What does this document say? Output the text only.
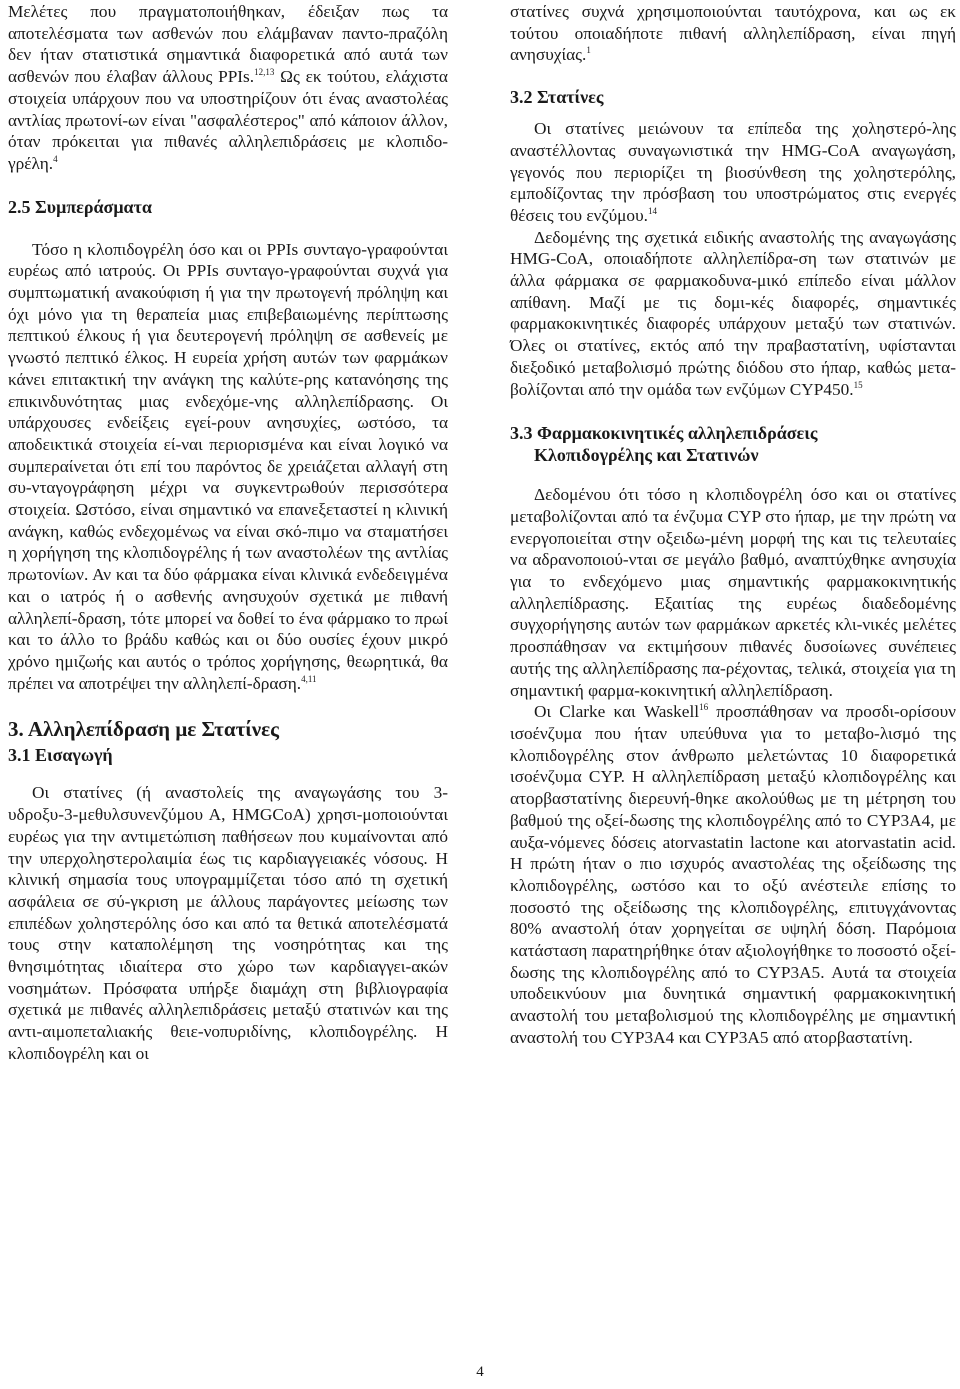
Μελέτες που πραγματοποιήθηκαν, έδειξαν πως τα αποτελέσματα των ασθενών που ελάμβαναν παντο-πραζόλη δεν ήταν στατιστικά σημαντικά διαφορετικά από αυτά των ασθενών που έλαβαν άλλους PPIs.$^{12,13}$ Ως εκ τούτου, ελάχιστα στοιχεία υπάρχουν που να υποστηρίζουν ότι ένας αναστολέας αντλίας πρωτονί-ων είναι "ασφαλέστερος" από κάποιον άλλον, όταν πρόκειται για πιθανές αλληλεπιδράσεις με κλοπιδο-γρέλη.$^4$

2.5 Συμπεράσματα

Τόσο η κλοπιδογρέλη όσο και οι PPIs συνταγο-γραφούνται ευρέως από ιατρούς. Οι PPIs συνταγο-γραφούνται συχνά για συμπτωματική ανακούφιση ή για την πρωτογενή πρόληψη και όχι μόνο για τη θεραπεία μιας επιβεβαιωμένης περίπτωσης πεπτικού έλκους ή για δευτερογενή πρόληψη σε ασθενείς με γνωστό πεπτικό έλκος. Η ευρεία χρήση αυτών των φαρμάκων κάνει επιτακτική την ανάγκη της καλύτε-ρης κατανόησης της επικινδυνότητας μιας ενδεχόμε-νης αλληλεπίδρασης. Οι υπάρχουσες ενδείξεις εγεί-ρουν ανησυχίες, ωστόσο, τα αποδεικτικά στοιχεία εί-ναι περιορισμένα και είναι λογικό να συμπεραίνεται ότι επί του παρόντος δε χρειάζεται αλλαγή στη συ-νταγογράφηση μέχρι να συγκεντρωθούν περισσότερα στοιχεία. Ωστόσο, είναι σημαντικό να επανεξεταστεί η κλινική ανάγκη, καθώς ενδεχομένως να είναι σκό-πιμο να σταματήσει η χορήγηση της κλοπιδογρέλης ή των αναστολέων της αντλίας πρωτονίων. Αν και τα δύο φάρμακα είναι κλινικά ενδεδειγμένα και ο ιατρός ή ο ασθενής ανησυχούν σχετικά με πιθανή αλληλεπί-δραση, τότε μπορεί να δοθεί το ένα φάρμακο το πρωί και το άλλο το βράδυ καθώς και οι δύο ουσίες έχουν μικρό χρόνο ημιζωής και αυτός ο τρόπος χορήγησης, θεωρητικά, θα πρέπει να αποτρέψει την αλληλεπί-δραση.$^{4,11}$

3. Αλληλεπίδραση με Στατίνες
3.1 Εισαγωγή

Οι στατίνες (ή αναστολείς της αναγωγάσης του 3-υδροξυ-3-μεθυλσυνενζύμου Α, HMGCoA) χρησι-μοποιούνται ευρέως για την αντιμετώπιση παθήσεων που κυμαίνονται από την υπερχοληστερολαιμία έως τις καρδιαγγειακές νόσους. Η κλινική σημασία τους υπογραμμίζεται τόσο από τη σχετική ασφάλεια σε σύ-γκριση με άλλους παράγοντες μείωσης των επιπέδων χοληστερόλης όσο και από τα θετικά αποτελέσματά τους στην καταπολέμηση της νοσηρότητας και της θνησιμότητας ιδιαίτερα στο χώρο των καρδιαγγει-ακών νοσημάτων. Πρόσφατα υπήρξε διαμάχη στη βιβλιογραφία σχετικά με πιθανές αλληλεπιδράσεις μεταξύ στατινών και της αντι-αιμοπεταλιακής θειε-νοπυριδίνης, κλοπιδογρέλης. Η κλοπιδογρέλη και οι

στατίνες συχνά χρησιμοποιούνται ταυτόχρονα, και ως εκ τούτου οποιαδήποτε πιθανή αλληλεπίδραση, είναι πηγή ανησυχίας.$^1$

3.2 Στατίνες

Οι στατίνες μειώνουν τα επίπεδα της χοληστερό-λης αναστέλλοντας συναγωνιστικά την HMG-CoA αναγωγάση, γεγονός που περιορίζει τη βιοσύνθεση της χοληστερόλης, εμποδίζοντας την πρόσβαση του υποστρώματος στις ενεργές θέσεις του ενζύμου.$^{14}$

Δεδομένης της σχετικά ειδικής αναστολής της αναγωγάσης HMG-CoA, οποιαδήποτε αλληλεπίδρα-ση των στατινών με άλλα φάρμακα σε φαρμακοδυνα-μικό επίπεδο είναι μάλλον απίθανη. Μαζί με τις δομι-κές διαφορές, σημαντικές φαρμακοκινητικές διαφορές υπάρχουν μεταξύ των στατινών. Όλες οι στατίνες, εκτός από την πραβαστατίνη, υφίστανται διεξοδικό μεταβολισμό πρώτης διόδου στο ήπαρ, καθώς μετα-βολίζονται από την ομάδα των ενζύμων CYP450.15

3.3 Φαρμακοκινητικές αλληλεπιδράσεις
Κλοπιδογρέλης και Στατινών

Δεδομένου ότι τόσο η κλοπιδογρέλη όσο και οι στατίνες μεταβολίζονται από τα ένζυμα CYP στο ήπαρ, με την πρώτη να ενεργοποιείται στην οξειδω-μένη μορφή της και τις τελευταίες να αδρανοποιού-νται σε μεγάλο βαθμό, αναπτύχθηκε ανησυχία για το ενδεχόμενο μιας σημαντικής φαρμακοκινητικής αλληλεπίδρασης. Εξαιτίας της ευρέως διαδεδομένης συγχορήγησης αυτών των φαρμάκων αρκετές κλι-νικές μελέτες προσπάθησαν να εκτιμήσουν πιθανές δυσοίωνες συνέπειες αυτής της αλληλεπίδρασης πα-ρέχοντας, τελικά, στοιχεία για τη σημαντική φαρμα-κοκινητική αλληλεπίδραση.

Οι Clarke και Waskell$^{16}$ προσπάθησαν να προσδι-ορίσουν ισοένζυμα που ήταν υπεύθυνα για το μεταβο-λισμό της κλοπιδογρέλης στον άνθρωπο μελετώντας 10 διαφορετικά ισοένζυμα CYP. Η αλληλεπίδραση μεταξύ κλοπιδογρέλης και ατορβαστατίνης διερευνή-θηκε ακολούθως με τη μέτρηση του βαθμού της οξεί-δωσης της κλοπιδογρέλης από το CYP3A4, με αυξα-νόμενες δόσεις atorvastatin lactone και atorvastatin acid. Η πρώτη ήταν ο πιο ισχυρός αναστολέας της οξείδωσης της κλοπιδογρέλης, ωστόσο και το οξύ ανέστειλε επίσης το ποσοστό της οξείδωσης της κλοπιδογρέλης, επιτυγχάνοντας 80% αναστολή όταν χορηγείται σε υψηλή δόση. Παρόμοια κατάσταση παρατηρήθηκε όταν αξιολογήθηκε το ποσοστό οξεί-δωσης της κλοπιδογρέλης από το CYP3A5. Αυτά τα στοιχεία υποδεικνύουν μια δυνητικά σημαντική φαρμακοκινητική αναστολή του μεταβολισμού της κλοπιδογρέλης με σημαντική αναστολή του CYP3A4 και CYP3A5 από ατορβαστατίνη.

4
